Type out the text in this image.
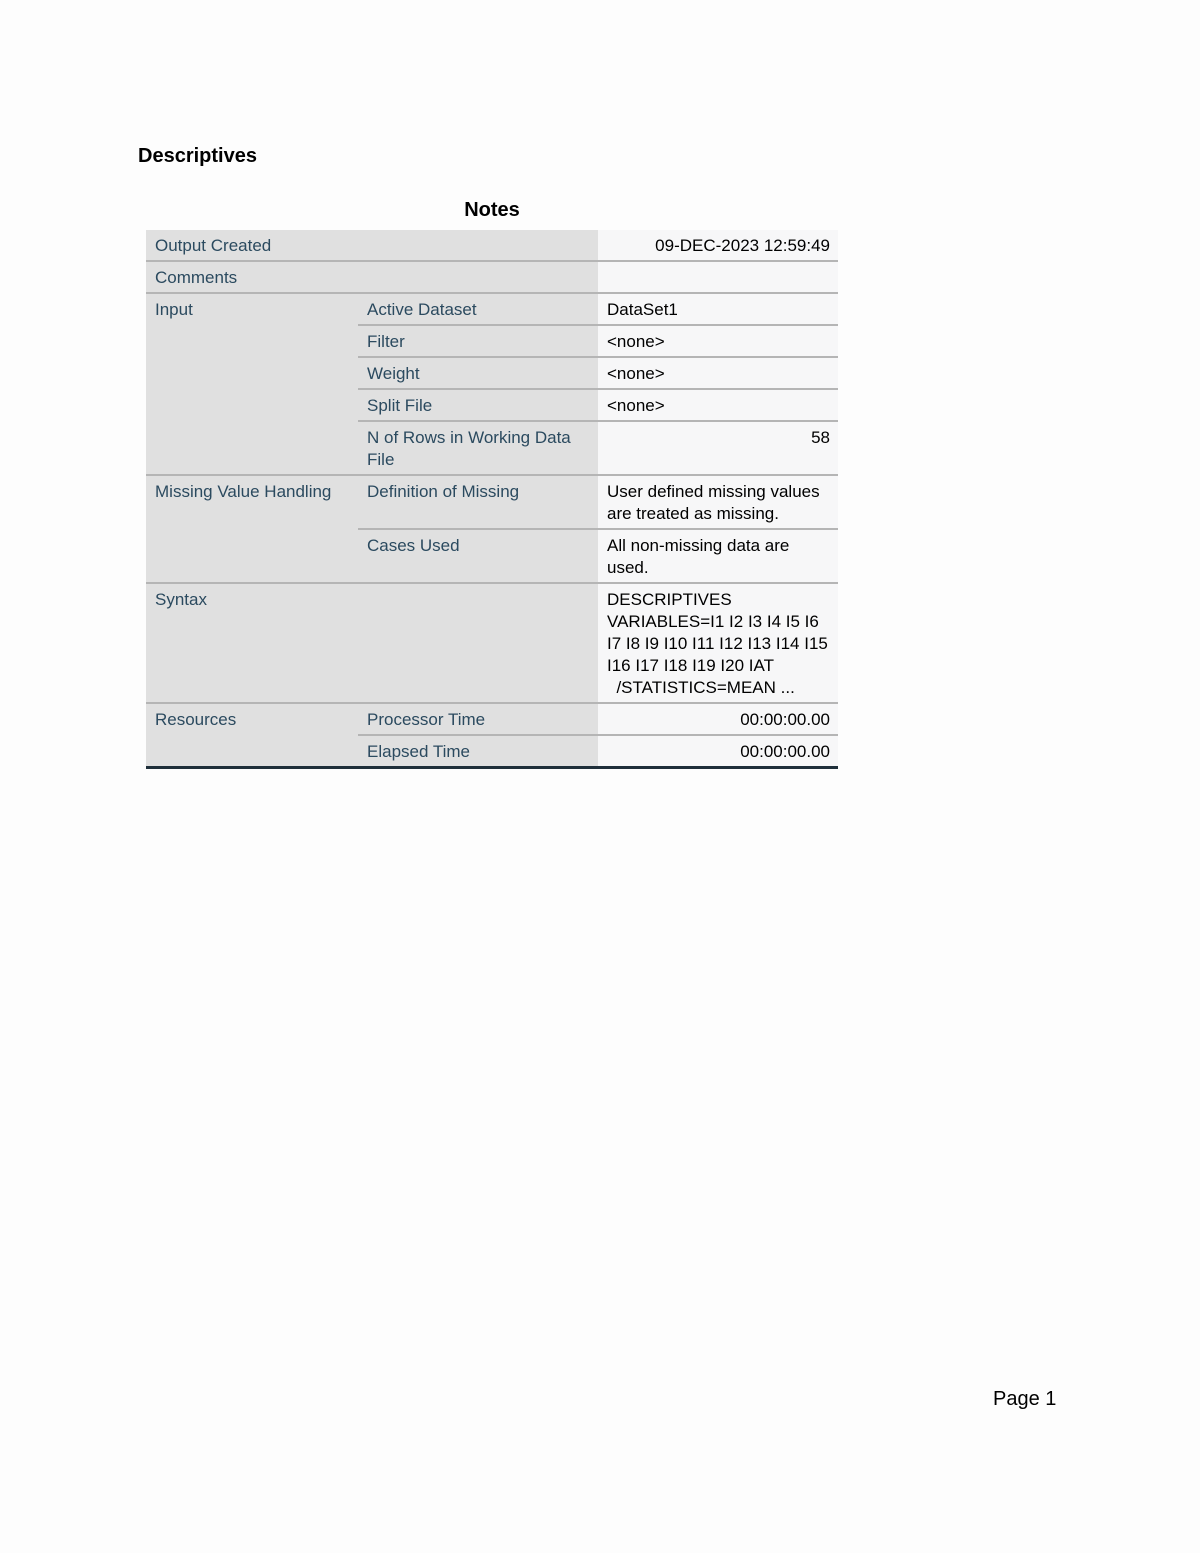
Descriptives
Notes
Output Created		09-DEC-2023 12:59:49
Comments		
Input	Active Dataset	DataSet1
	Filter	<none>
	Weight	<none>
	Split File	<none>
	N of Rows in Working Data File	58
Missing Value Handling	Definition of Missing	User defined missing values are treated as missing.
	Cases Used	All non-missing data are used.
Syntax		DESCRIPTIVES VARIABLES=I1 I2 I3 I4 I5 I6 I7 I8 I9 I10 I11 I12 I13 I14 I15 I16 I17 I18 I19 I20 IAT
/STATISTICS=MEAN ...

Resources	Processor Time	00:00:00.00
	Elapsed Time	00:00:00.00
Page 1
